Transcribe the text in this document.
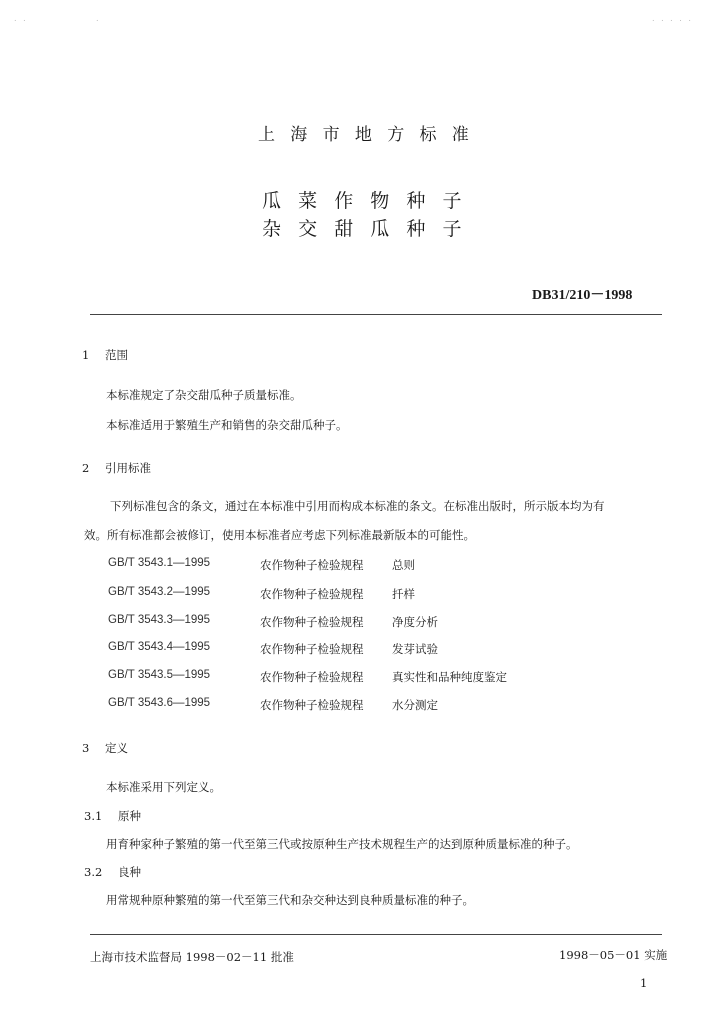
. .	.	. . . . .
上海市地方标准
瓜菜作物种子
杂交甜瓜种子
DB31/210－1998
1 范围
本标准规定了杂交甜瓜种子质量标准。
本标准适用于繁殖生产和销售的杂交甜瓜种子。
2 引用标准
下列标准包含的条文，通过在本标准中引用而构成本标准的条文。在标准出版时，所示版本均为有
效。所有标准都会被修订，使用本标准者应考虑下列标准最新版本的可能性。
GB/T 3543.1—1995	农作物种子检验规程 总则
GB/T 3543.2—1995	农作物种子检验规程 扦样
GB/T 3543.3—1995	农作物种子检验规程 净度分析
GB/T 3543.4—1995	农作物种子检验规程 发芽试验
GB/T 3543.5—1995	农作物种子检验规程 真实性和品种纯度鉴定
GB/T 3543.6—1995	农作物种子检验规程 水分测定
3 定义
本标准采用下列定义。
3.1 原种
用育种家种子繁殖的第一代至第三代或按原种生产技术规程生产的达到原种质量标准的种子。
3.2 良种
用常规种原种繁殖的第一代至第三代和杂交种达到良种质量标准的种子。
上海市技术监督局 1998－02－11 批准	1998－05－01 实施
1
